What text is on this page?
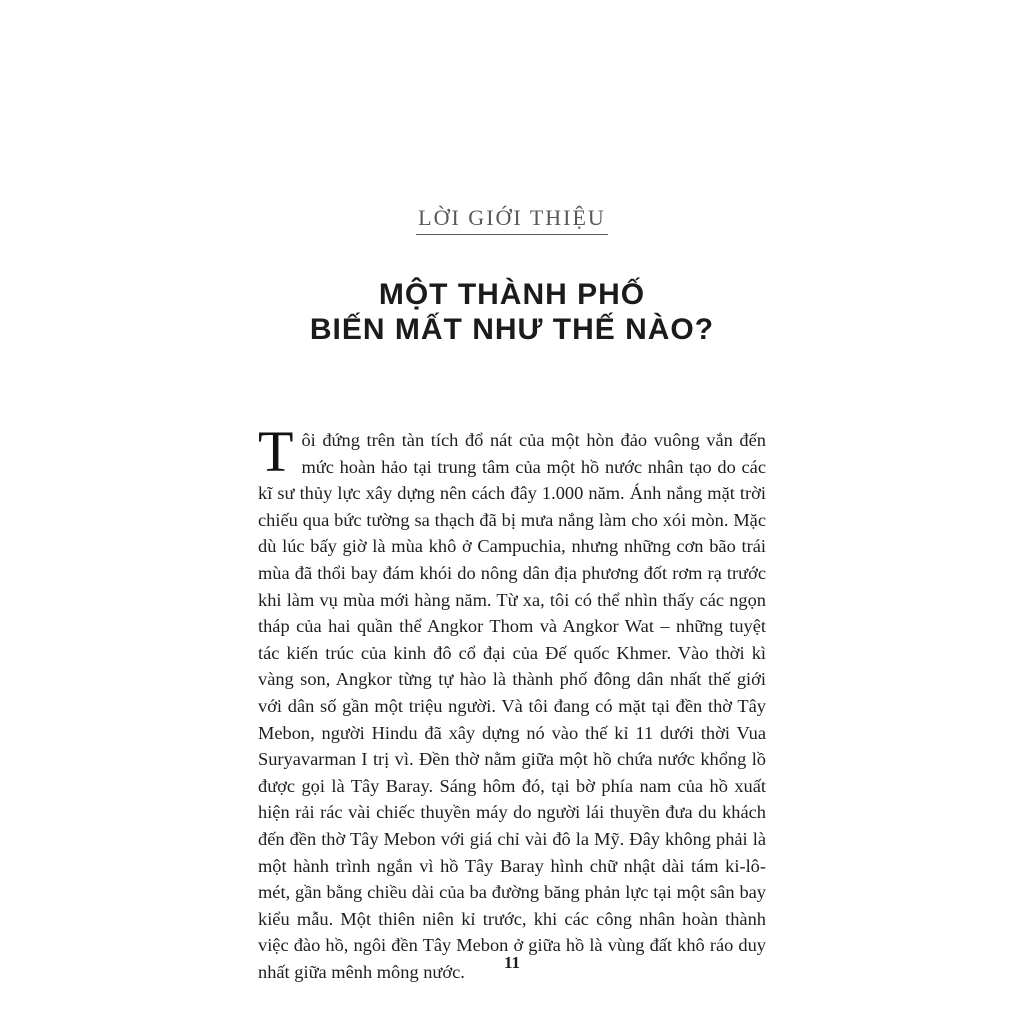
LỜI GIỚI THIỆU
MỘT THÀNH PHỐ
BIẾN MẤT NHƯ THẾ NÀO?
Tôi đứng trên tàn tích đổ nát của một hòn đảo vuông vắn đến mức hoàn hảo tại trung tâm của một hồ nước nhân tạo do các kĩ sư thủy lực xây dựng nên cách đây 1.000 năm. Ánh nắng mặt trời chiếu qua bức tường sa thạch đã bị mưa nắng làm cho xói mòn. Mặc dù lúc bấy giờ là mùa khô ở Campuchia, nhưng những cơn bão trái mùa đã thổi bay đám khói do nông dân địa phương đốt rơm rạ trước khi làm vụ mùa mới hàng năm. Từ xa, tôi có thể nhìn thấy các ngọn tháp của hai quần thể Angkor Thom và Angkor Wat – những tuyệt tác kiến trúc của kinh đô cổ đại của Đế quốc Khmer. Vào thời kì vàng son, Angkor từng tự hào là thành phố đông dân nhất thế giới với dân số gần một triệu người. Và tôi đang có mặt tại đền thờ Tây Mebon, người Hindu đã xây dựng nó vào thế kỉ 11 dưới thời Vua Suryavarman I trị vì. Đền thờ nằm giữa một hồ chứa nước khổng lồ được gọi là Tây Baray. Sáng hôm đó, tại bờ phía nam của hồ xuất hiện rải rác vài chiếc thuyền máy do người lái thuyền đưa du khách đến đền thờ Tây Mebon với giá chỉ vài đô la Mỹ. Đây không phải là một hành trình ngắn vì hồ Tây Baray hình chữ nhật dài tám ki-lô-mét, gần bằng chiều dài của ba đường băng phản lực tại một sân bay kiểu mẫu. Một thiên niên kỉ trước, khi các công nhân hoàn thành việc đào hồ, ngôi đền Tây Mebon ở giữa hồ là vùng đất khô ráo duy nhất giữa mênh mông nước.	11
